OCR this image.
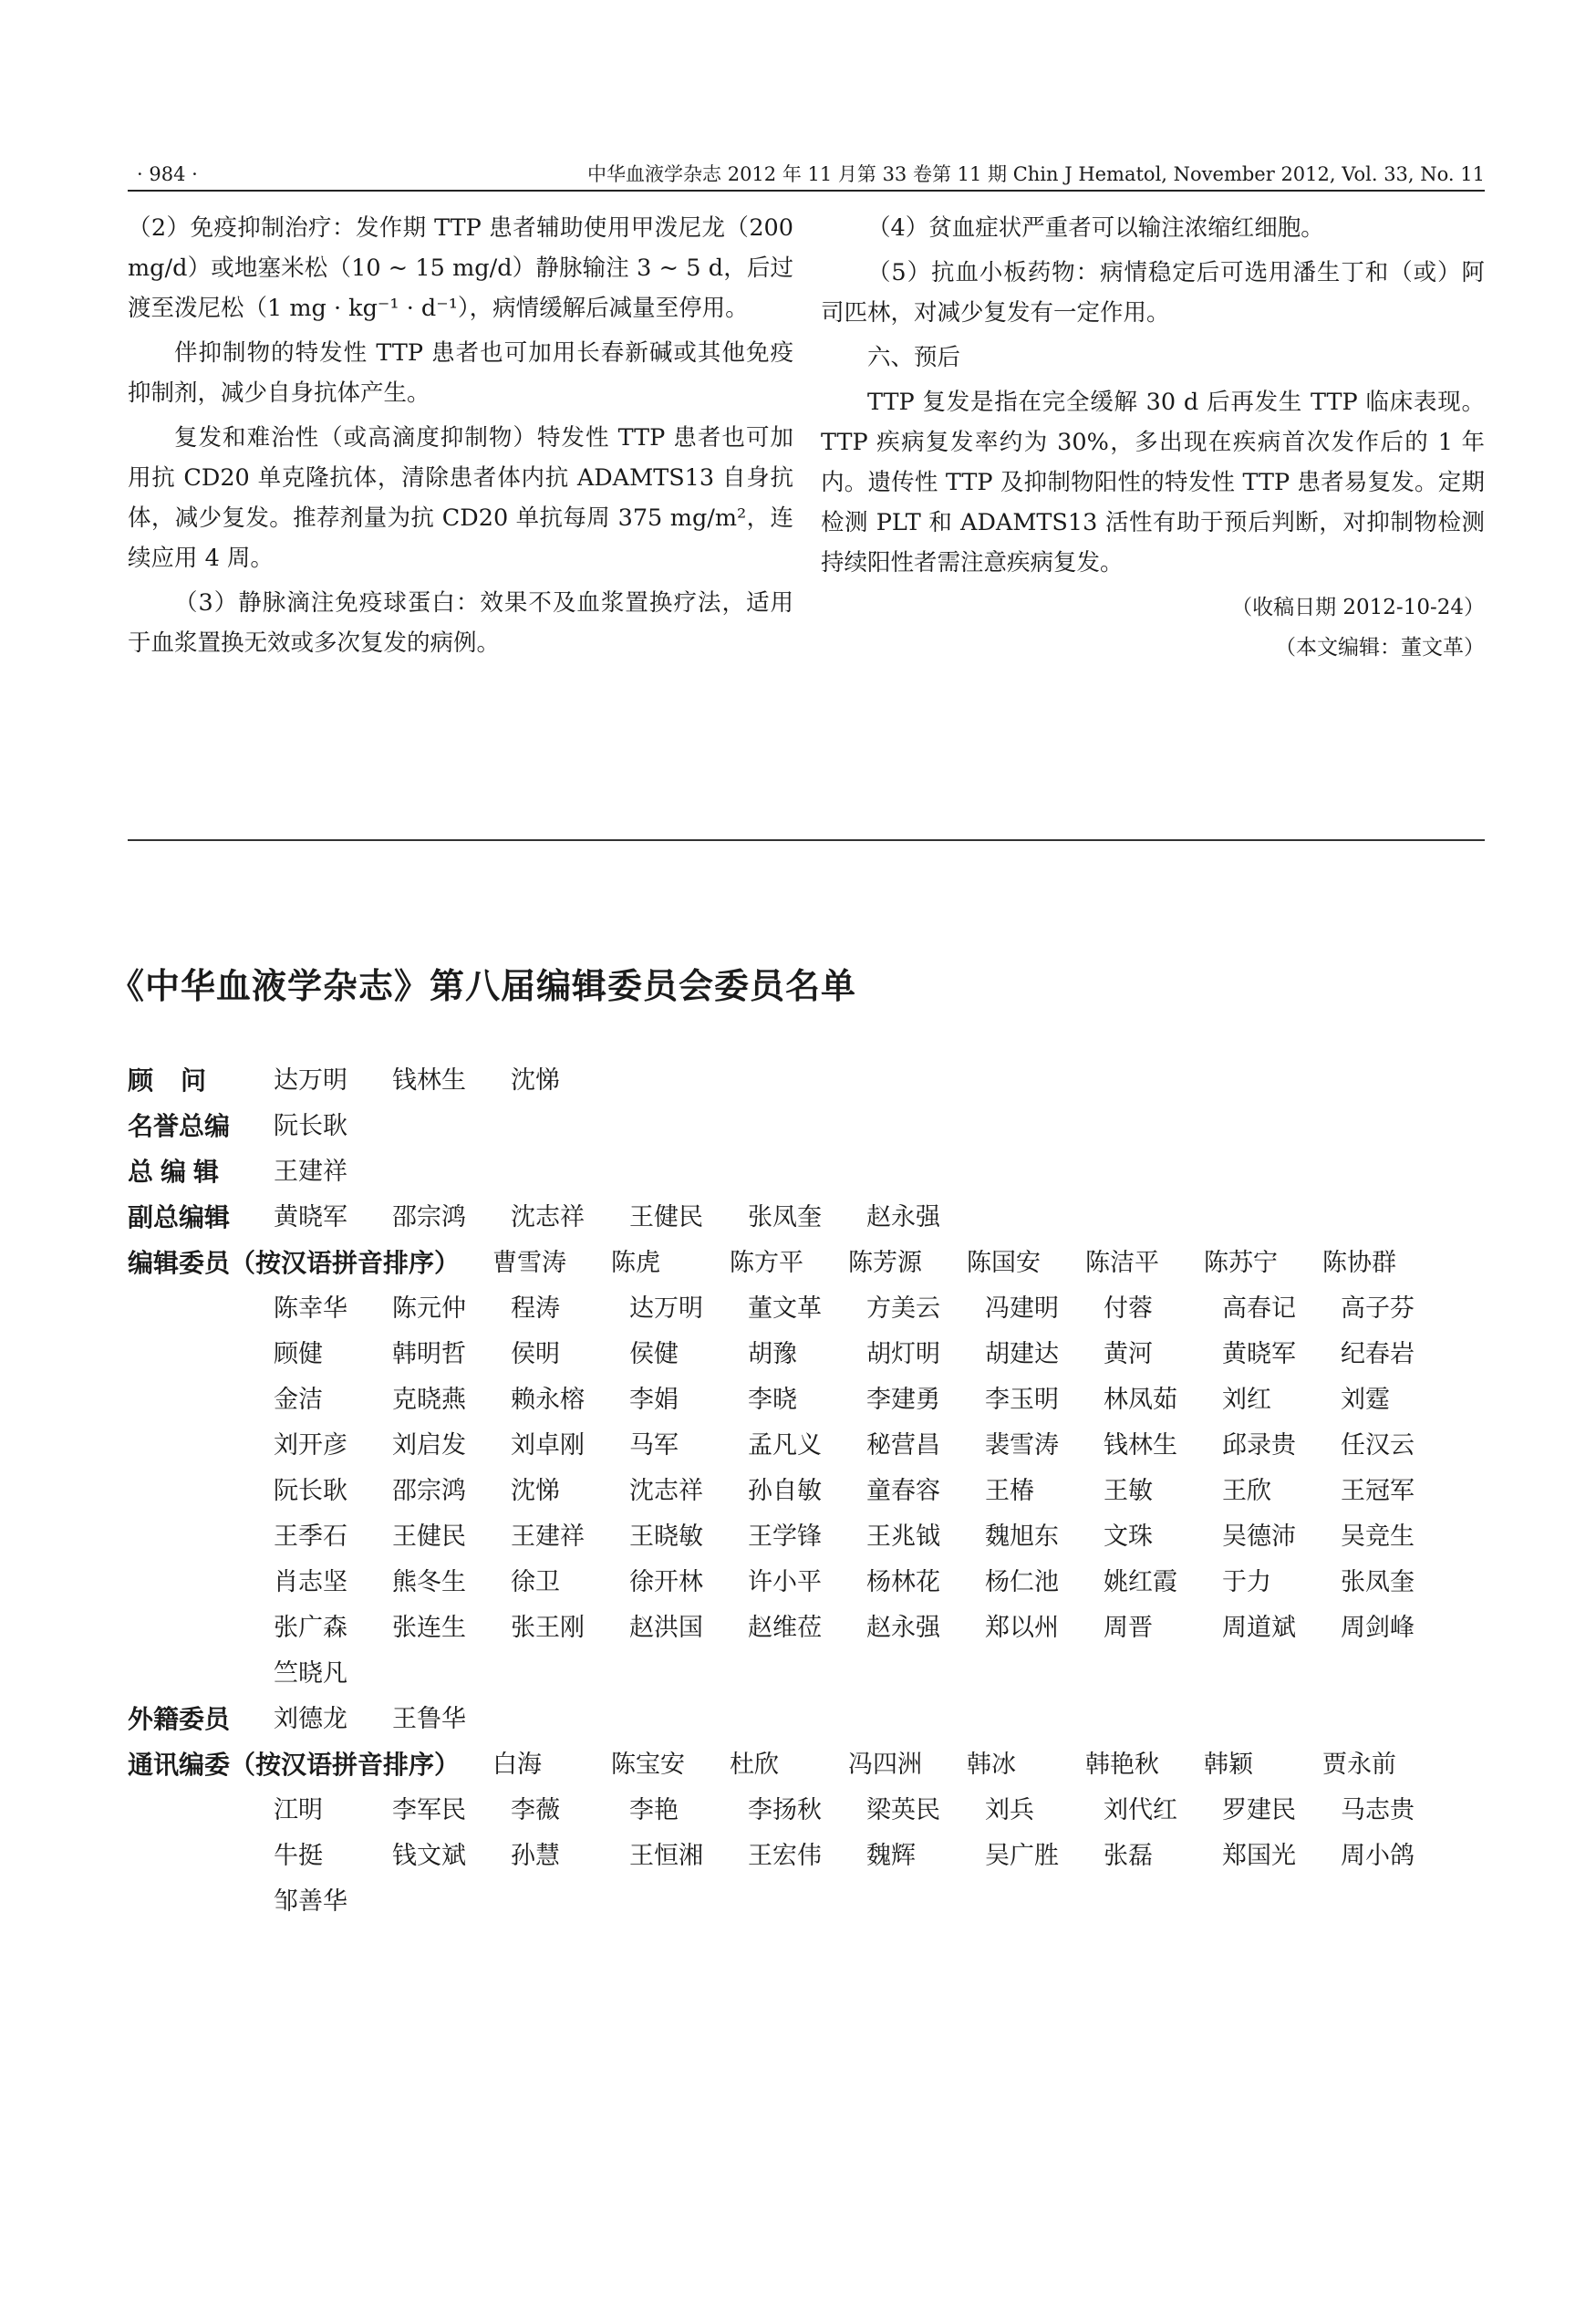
· 984 ·	中华血液学杂志 2012 年 11 月第 33 卷第 11 期 Chin J Hematol, November 2012, Vol. 33, No. 11

（2）免疫抑制治疗：发作期 TTP 患者辅助使用甲泼尼龙（200 mg/d）或地塞米松（10 ~ 15 mg/d）静脉输注 3 ~ 5 d，后过渡至泼尼松（1 mg · kg⁻¹ · d⁻¹），病情缓解后减量至停用。

伴抑制物的特发性 TTP 患者也可加用长春新碱或其他免疫抑制剂，减少自身抗体产生。

复发和难治性（或高滴度抑制物）特发性 TTP 患者也可加用抗 CD20 单克隆抗体，清除患者体内抗 ADAMTS13 自身抗体，减少复发。推荐剂量为抗 CD20 单抗每周 375 mg/m²，连续应用 4 周。

（3）静脉滴注免疫球蛋白：效果不及血浆置换疗法，适用于血浆置换无效或多次复发的病例。

（4）贫血症状严重者可以输注浓缩红细胞。

（5）抗血小板药物：病情稳定后可选用潘生丁和（或）阿司匹林，对减少复发有一定作用。

六、预后

TTP 复发是指在完全缓解 30 d 后再发生 TTP 临床表现。TTP 疾病复发率约为 30%，多出现在疾病首次发作后的 1 年内。遗传性 TTP 及抑制物阳性的特发性 TTP 患者易复发。定期检测 PLT 和 ADAMTS13 活性有助于预后判断，对抑制物检测持续阳性者需注意疾病复发。

（收稿日期 2012-10-24）

（本文编辑：董文革）

《中华血液学杂志》第八届编辑委员会委员名单
顾问 达万明 钱林生 沈悌
名誉总编 阮长耿
总编辑 王建祥
副总编辑 黄晓军 邵宗鸿 沈志祥 王健民 张凤奎 赵永强
编辑委员（按汉语拼音排序） 曹雪涛 陈虎	陈方平 陈芳源 陈国安 陈洁平 陈苏宁 陈协群
陈幸华 陈元仲 程涛	达万明 董文革 方美云 冯建明 付蓉	高春记 高子芬
顾健	韩明哲 侯明	侯健	胡豫	胡灯明 胡建达 黄河	黄晓军 纪春岩
金洁	克晓燕 赖永榕 李娟	李晓	李建勇 李玉明 林凤茹 刘红	刘霆
刘开彦 刘启发 刘卓刚 马军	孟凡义 秘营昌 裴雪涛 钱林生 邱录贵 任汉云
阮长耿 邵宗鸿 沈悌	沈志祥 孙自敏 童春容 王椿	王敏	王欣	王冠军
王季石 王健民 王建祥 王晓敏 王学锋 王兆钺 魏旭东 文珠	吴德沛 吴竞生
肖志坚 熊冬生 徐卫	徐开林 许小平 杨林花 杨仁池 姚红霞 于力	张凤奎
张广森 张连生 张王刚 赵洪国 赵维莅 赵永强 郑以州 周晋	周道斌 周剑峰
竺晓凡
外籍委员 刘德龙 王鲁华
通讯编委（按汉语拼音排序） 白海	陈宝安 杜欣	冯四洲 韩冰	韩艳秋 韩颖	贾永前
江明	李军民 李薇	李艳	李扬秋 梁英民 刘兵	刘代红 罗建民 马志贵
牛挺	钱文斌 孙慧	王恒湘 王宏伟 魏辉	吴广胜 张磊	郑国光 周小鸽
邹善华
